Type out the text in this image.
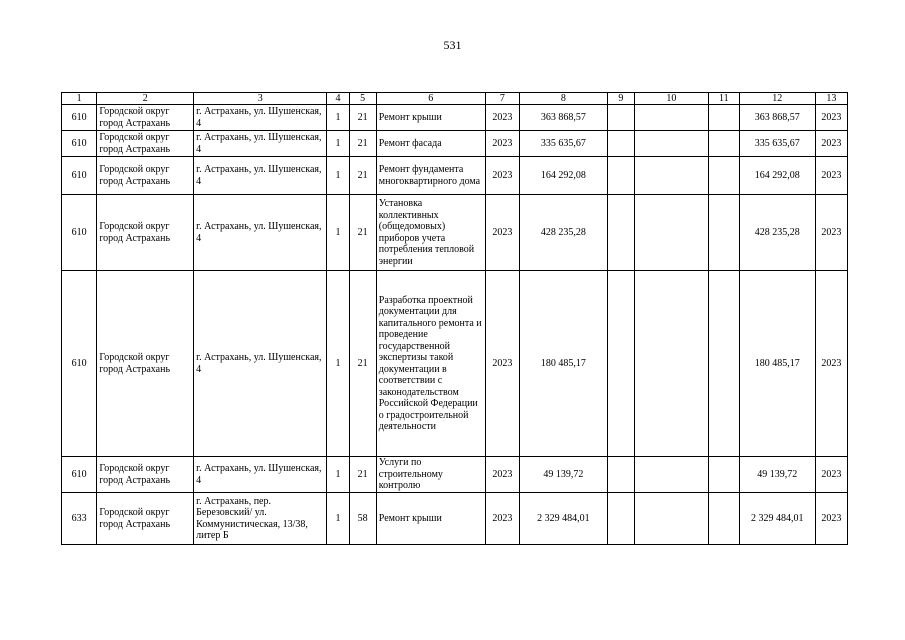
531
1	2	3	4	5	6	7	8	9	10	11	12	13
610	Городской округ город Астрахань	г. Астрахань, ул. Шушенская, 4	1	21	Ремонт крыши	2023	363 868,57				363 868,57	2023
610	Городской округ город Астрахань	г. Астрахань, ул. Шушенская, 4	1	21	Ремонт фасада	2023	335 635,67				335 635,67	2023
610	Городской округ город Астрахань	г. Астрахань, ул. Шушенская, 4	1	21	Ремонт фундамента многоквартирного дома	2023	164 292,08				164 292,08	2023
610	Городской округ город Астрахань	г. Астрахань, ул. Шушенская, 4	1	21	Установка коллективных (общедомовых) приборов учета потребления тепловой энергии	2023	428 235,28				428 235,28	2023
610	Городской округ город Астрахань	г. Астрахань, ул. Шушенская, 4	1	21	Разработка проектной документации для капитального ремонта и проведение государственной экспертизы такой документации в соответствии с законодательством Российской Федерации о градостроительной деятельности	2023	180 485,17				180 485,17	2023
610	Городской округ город Астрахань	г. Астрахань, ул. Шушенская, 4	1	21	Услуги по строительному контролю	2023	49 139,72				49 139,72	2023
633	Городской округ город Астрахань	г. Астрахань, пер. Березовский/ ул. Коммунистическая, 13/38, литер Б	1	58	Ремонт крыши	2023	2 329 484,01				2 329 484,01	2023
